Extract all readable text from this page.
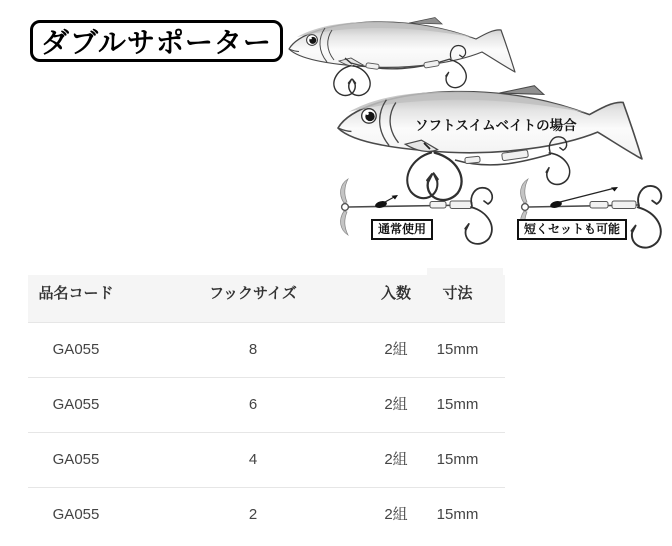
ダブルサポーター
ソフトスイムベイトの場合
通常使用	短くセットも可能
品名コード	フックサイズ	入数	寸法
GA055	8	2組	15mm
GA055	6	2組	15mm
GA055	4	2組	15mm
GA055	2	2組	15mm
